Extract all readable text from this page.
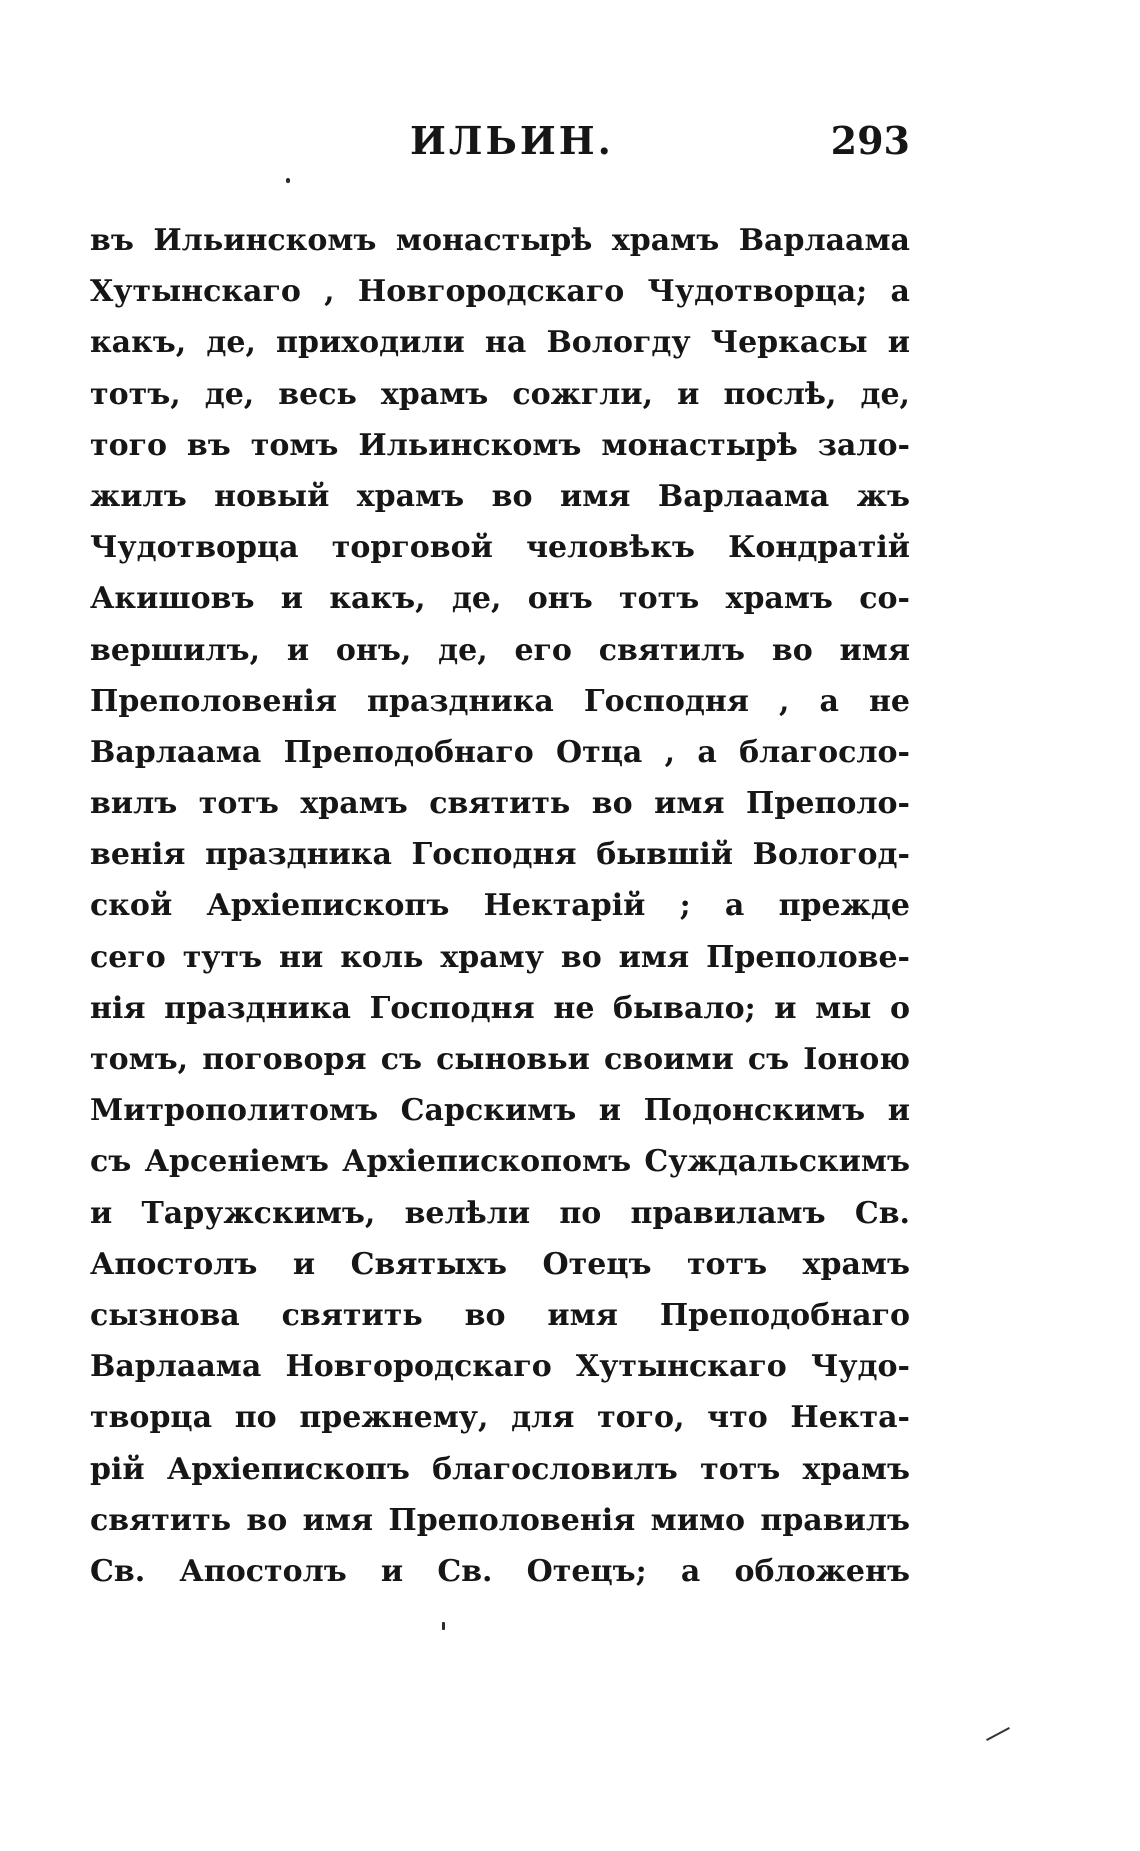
ИЛЬИН.	293
въ Ильинскомъ монастырѣ храмъ Варлаама
Хутынскаго , Новгородскаго Чудотворца; а
какъ, де, приходили на Вологду Черкасы и
тотъ, де, весь храмъ сожгли, и послѣ, де,
того въ томъ Ильинскомъ монастырѣ зало-
жилъ новый храмъ во имя Варлаама жъ
Чудотворца торговой человѣкъ Кондратій
Акишовъ и какъ, де, онъ тотъ храмъ со-
вершилъ, и онъ, де, его святилъ во имя
Преполовенія праздника Господня , а не
Варлаама Преподобнаго Отца , а благосло-
вилъ тотъ храмъ святить во имя Преполо-
венія праздника Господня бывшій Вологод-
ской Архіепископъ Нектарій ; а прежде
сего тутъ ни коль храму во имя Преполове-
нія праздника Господня не бывало; и мы о
томъ, поговоря съ сыновьи своими съ Іоною
Митрополитомъ Сарскимъ и Подонскимъ и
съ Арсеніемъ Архіепископомъ Суждальскимъ
и Таружскимъ, велѣли по правиламъ Св.
Апостолъ и Святыхъ Отецъ тотъ храмъ
сызнова святить во имя Преподобнаго
Варлаама Новгородскаго Хутынскаго Чудо-
творца по прежнему, для того, что Некта-
рій Архіепископъ благословилъ тотъ храмъ
святить во имя Преполовенія мимо правилъ
Св. Апостолъ и Св. Отецъ; а обложенъ
